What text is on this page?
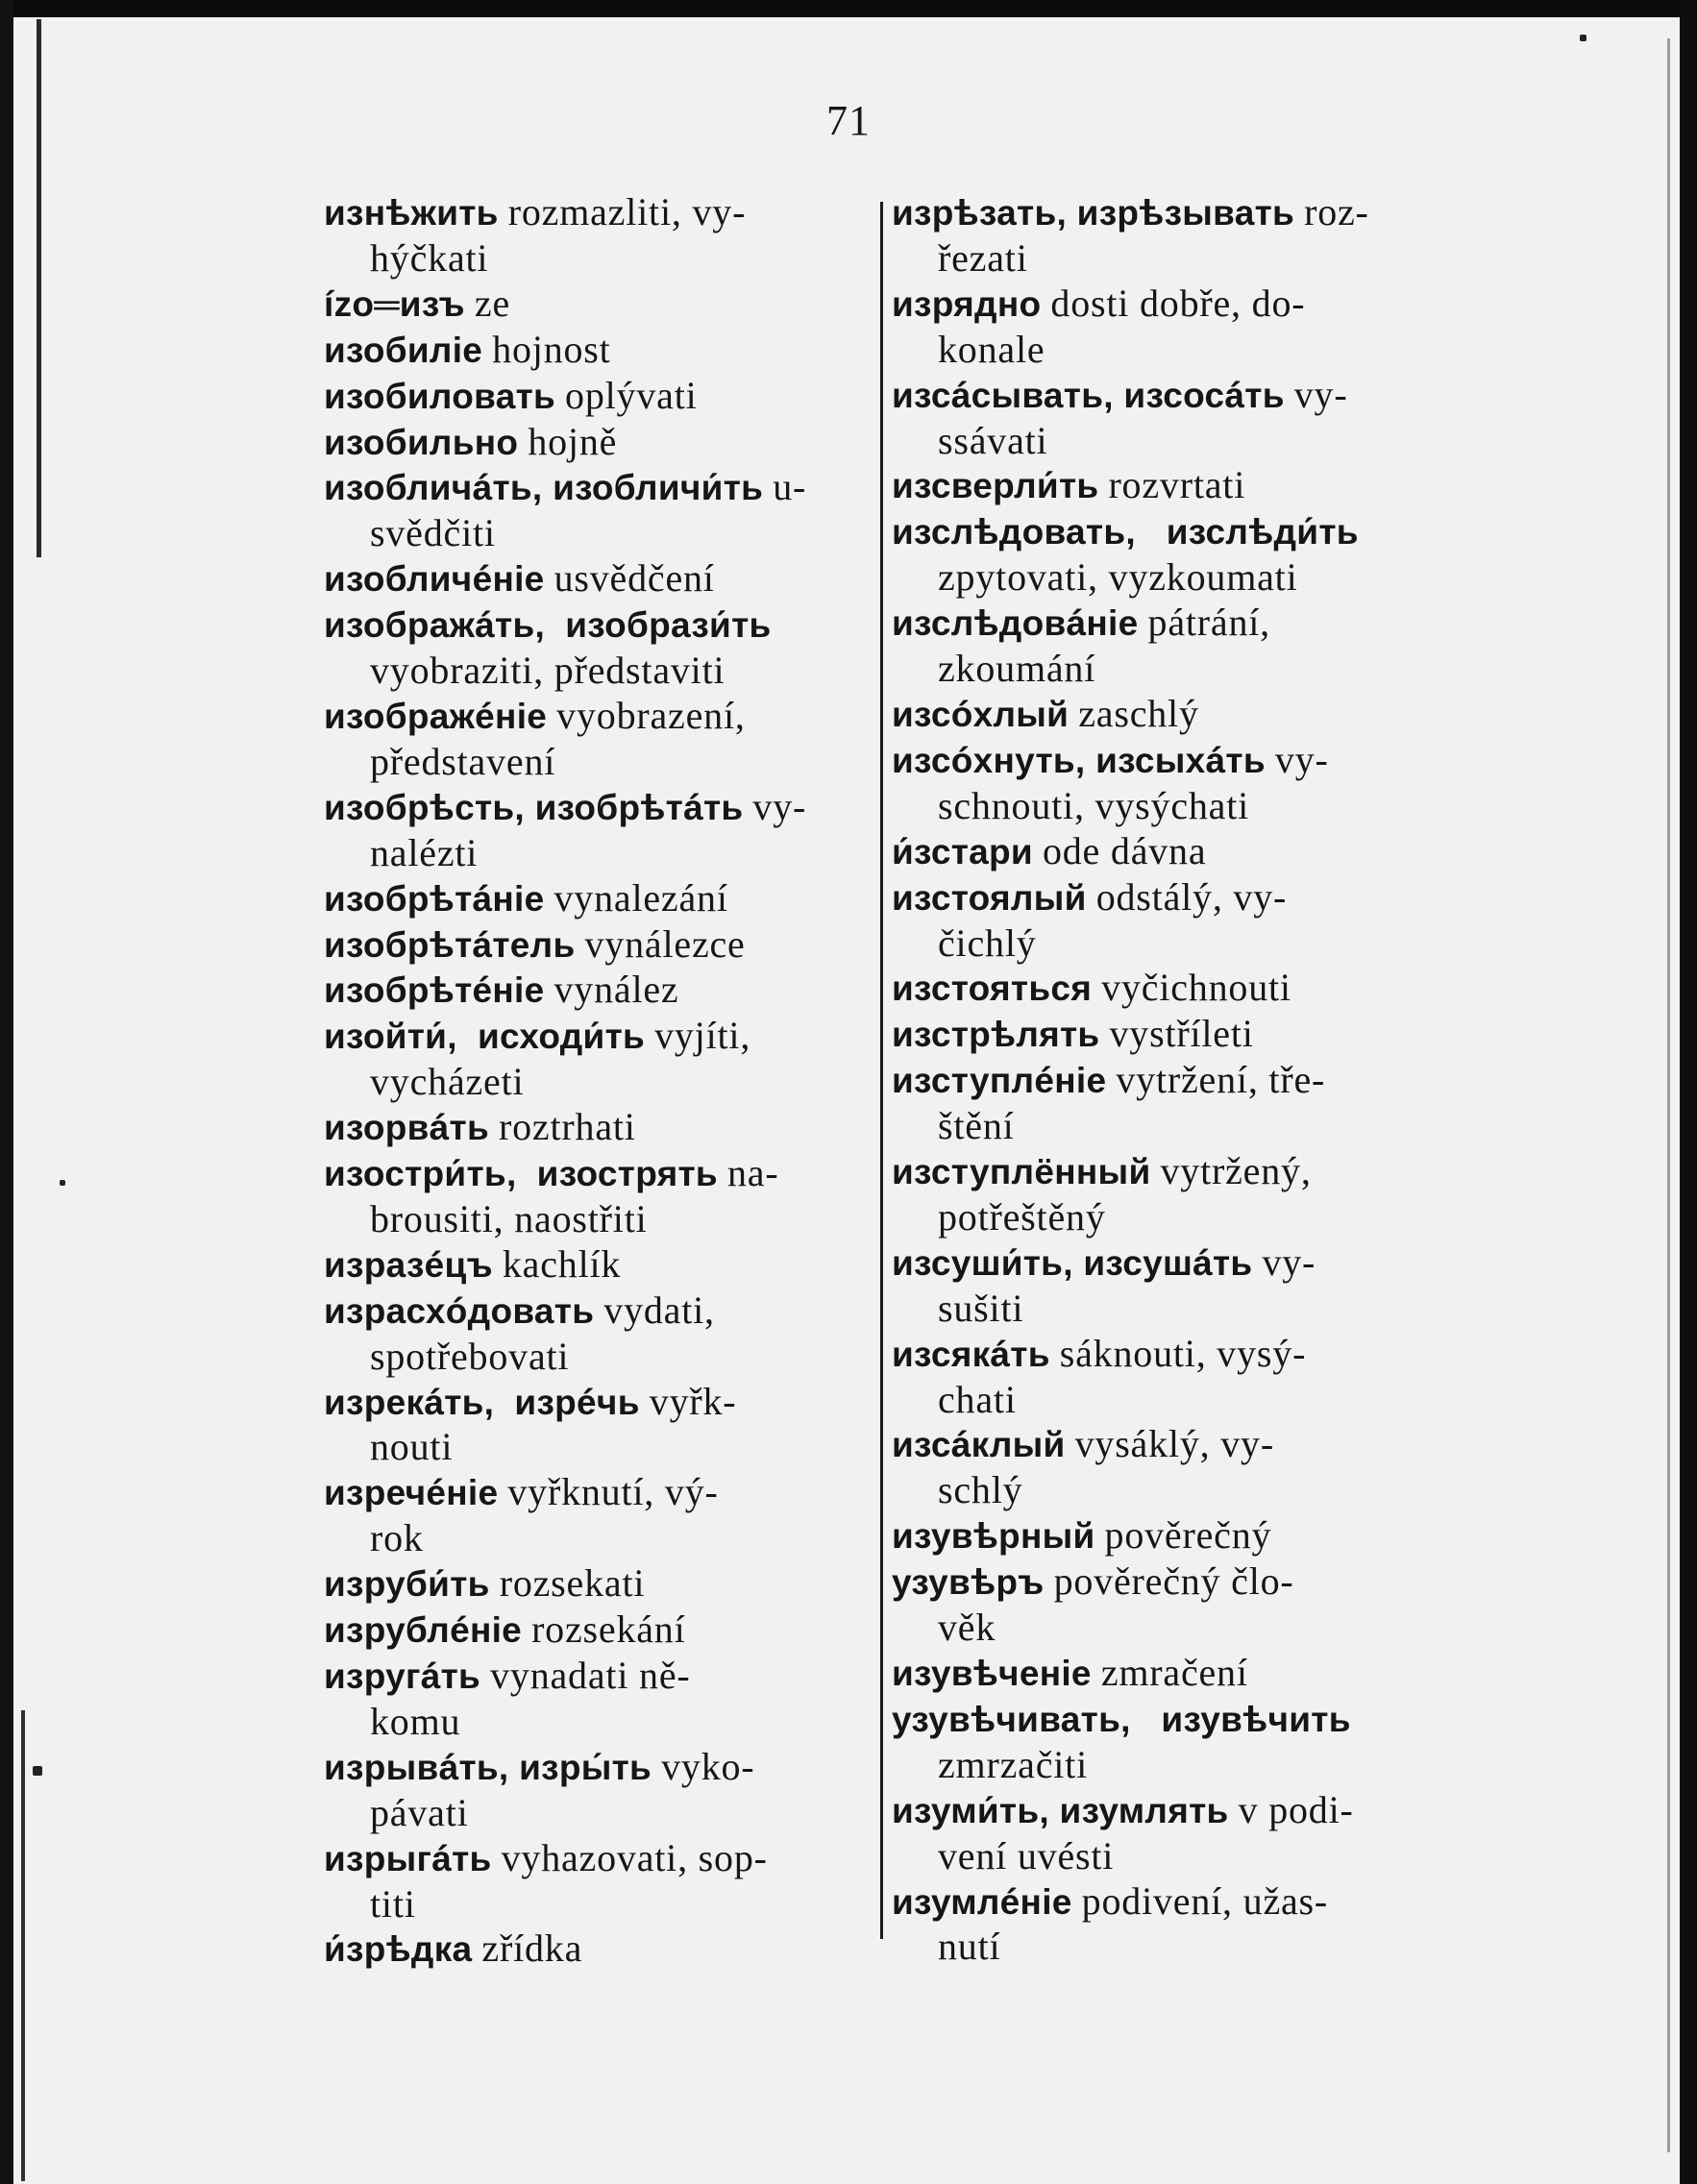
71
изнѣжить rozmazliti, vy-
hýčkati
ízо═изъ ze
изобиліе hojnost
изобиловать oplývati
изобильно hojně
изобличáть, изобличи́ть u-
svědčiti
изобличéніе usvědčení
изображáть,  изобрази́ть
vyobraziti, představiti
изображéніе vyobrazení,
představení
изобрѣсть, изобрѣтáть vy-
nalézti
изобрѣтáніе vynalezání
изобрѣтáтель vynálezce
изобрѣтéніе vynález
изойти́,  исходи́ть vyjíti,
vycházeti
изорвáть roztrhati
изостри́ть,  изострять na-
brousiti, naostřiti
изразéцъ kachlík
израсхóдовать vydati,
spotřebovati
изрекáть,  изрéчь vyřk-
nouti
изречéніе vyřknutí, vý-
rok
изруби́ть rozsekati
изрублéніе rozsekání
изругáть vynadati ně-
komu
изрывáть, изры́ть vyko-
pávati
изрыгáть vyhazovati, sop-
titi
и́зрѣдка zřídka
изрѣзать, изрѣзывать roz-
řezati
изрядно dosti dobře, do-
konale
изсáсывать, изсосáть vy-
ssávati
изсверли́ть rozvrtati
изслѣдовать,   изслѣди́ть
zpytovati, vyzkoumati
изслѣдовáніе pátrání,
zkoumání
изсóхлый zaschlý
изсóхнуть, изсыхáть vy-
schnouti, vysýchati
и́зстари ode dávna
изстоялый odstálý, vy-
čichlý
изстояться vyčichnouti
изстрѣлять vystříleti
изступлéніе vytržení, tře-
štění
изступлённый vytržený,
potřeštěný
изсуши́ть, изсушáть vy-
sušiti
изсякáть sáknouti, vysý-
chati
изсáклый vysáklý, vy-
schlý
изувѣрный pověrečný
узувѣръ pověrečný člo-
věk
изувѣченіе zmračení
узувѣчивать,   изувѣчить
zmrzačiti
изуми́ть, изумлять v podi-
vení uvésti
изумлéніе podivení, užas-
nutí
